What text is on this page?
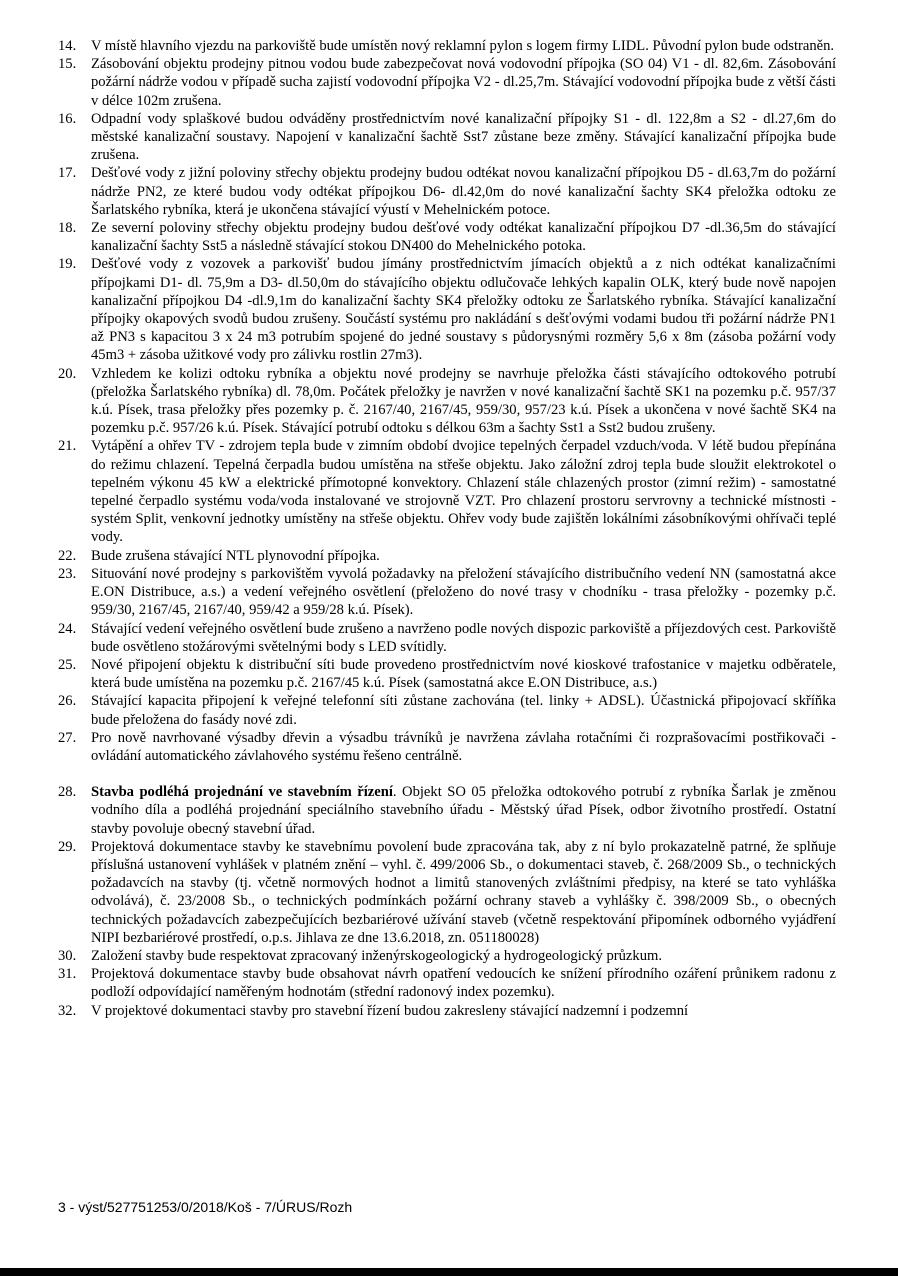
14. V místě hlavního vjezdu na parkoviště bude umístěn nový reklamní pylon s logem firmy LIDL. Původní pylon bude odstraněn.
15. Zásobování objektu prodejny pitnou vodou bude zabezpečovat nová vodovodní přípojka (SO 04) V1 - dl. 82,6m. Zásobování požární nádrže vodou v případě sucha zajistí vodovodní přípojka V2 - dl.25,7m. Stávající vodovodní přípojka bude z větší části v délce 102m zrušena.
16. Odpadní vody splaškové budou odváděny prostřednictvím nové kanalizační přípojky S1 - dl. 122,8m a S2 - dl.27,6m do městské kanalizační soustavy. Napojení v kanalizační šachtě Sst7 zůstane beze změny. Stávající kanalizační přípojka bude zrušena.
17. Dešťové vody z jižní poloviny střechy objektu prodejny budou odtékat novou kanalizační přípojkou D5 - dl.63,7m do požární nádrže PN2, ze které budou vody odtékat přípojkou D6- dl.42,0m do nové kanalizační šachty SK4 přeložka odtoku ze Šarlatského rybníka, která je ukončena stávající výustí v Mehelnickém potoce.
18. Ze severní poloviny střechy objektu prodejny budou dešťové vody odtékat kanalizační přípojkou D7 -dl.36,5m do stávající kanalizační šachty Sst5 a následně stávající stokou DN400 do Mehelnického potoka.
19. Dešťové vody z vozovek a parkovišť budou jímány prostřednictvím jímacích objektů a z nich odtékat kanalizačními přípojkami D1- dl. 75,9m a D3- dl.50,0m do stávajícího objektu odlučovače lehkých kapalin OLK, který bude nově napojen kanalizační přípojkou D4 -dl.9,1m do kanalizační šachty SK4 přeložky odtoku ze Šarlatského rybníka. Stávající kanalizační přípojky okapových svodů budou zrušeny. Součástí systému pro nakládání s dešťovými vodami budou tři požární nádrže PN1 až PN3 s kapacitou 3 x 24 m3 potrubím spojené do jedné soustavy s půdorysnými rozměry 5,6 x 8m (zásoba požární vody 45m3 + zásoba užitkové vody pro zálivku rostlin 27m3).
20. Vzhledem ke kolizi odtoku rybníka a objektu nové prodejny se navrhuje přeložka části stávajícího odtokového potrubí (přeložka Šarlatského rybníka) dl. 78,0m. Počátek přeložky je navržen v nové kanalizační šachtě SK1 na pozemku p.č. 957/37 k.ú. Písek, trasa přeložky přes pozemky p. č. 2167/40, 2167/45, 959/30, 957/23 k.ú. Písek a ukončena v nové šachtě SK4 na pozemku p.č. 957/26 k.ú. Písek. Stávající potrubí odtoku s délkou 63m a šachty Sst1 a Sst2 budou zrušeny.
21. Vytápění a ohřev TV - zdrojem tepla bude v zimním období dvojice tepelných čerpadel vzduch/voda. V létě budou přepínána do režimu chlazení. Tepelná čerpadla budou umístěna na střeše objektu. Jako záložní zdroj tepla bude sloužit elektrokotel o tepelném výkonu 45 kW a elektrické přímotopné konvektory. Chlazení stále chlazených prostor (zimní režim) - samostatné tepelné čerpadlo systému voda/voda instalované ve strojovně VZT. Pro chlazení prostoru servrovny a technické místnosti - systém Split, venkovní jednotky umístěny na střeše objektu. Ohřev vody bude zajištěn lokálními zásobníkovými ohřívači teplé vody.
22. Bude zrušena stávající NTL plynovodní přípojka.
23. Situování nové prodejny s parkovištěm vyvolá požadavky na přeložení stávajícího distribučního vedení NN (samostatná akce E.ON Distribuce, a.s.) a vedení veřejného osvětlení (přeloženo do nové trasy v chodníku - trasa přeložky - pozemky p.č. 959/30, 2167/45, 2167/40, 959/42 a 959/28 k.ú. Písek).
24. Stávající vedení veřejného osvětlení bude zrušeno a navrženo podle nových dispozic parkoviště a příjezdových cest. Parkoviště bude osvětleno stožárovými světelnými body s LED svítidly.
25. Nové připojení objektu k distribuční síti bude provedeno prostřednictvím nové kioskové trafostanice v majetku odběratele, která bude umístěna na pozemku p.č. 2167/45 k.ú. Písek (samostatná akce E.ON Distribuce, a.s.)
26. Stávající kapacita připojení k veřejné telefonní síti zůstane zachována (tel. linky + ADSL). Účastnická připojovací skříňka bude přeložena do fasády nové zdi.
27. Pro nově navrhované výsadby dřevin a výsadbu trávníků je navržena závlaha rotačními či rozprašovacími postřikovači - ovládání automatického závlahového systému řešeno centrálně.
28. Stavba podléhá projednání ve stavebním řízení. Objekt SO 05 přeložka odtokového potrubí z rybníka Šarlak je změnou vodního díla a podléhá projednání speciálního stavebního úřadu - Městský úřad Písek, odbor životního prostředí. Ostatní stavby povoluje obecný stavební úřad.
29. Projektová dokumentace stavby ke stavebnímu povolení bude zpracována tak, aby z ní bylo prokazatelně patrné, že splňuje příslušná ustanovení vyhlášek v platném znění – vyhl. č. 499/2006 Sb., o dokumentaci staveb, č. 268/2009 Sb., o technických požadavcích na stavby (tj. včetně normových hodnot a limitů stanovených zvláštními předpisy, na které se tato vyhláška odvolává), č. 23/2008 Sb., o technických podmínkách požární ochrany staveb a vyhlášky č. 398/2009 Sb., o obecných technických požadavcích zabezpečujících bezbariérové užívání staveb (včetně respektování připomínek odborného vyjádření NIPI bezbariérové prostředí, o.p.s. Jihlava ze dne 13.6.2018, zn. 051180028)
30. Založení stavby bude respektovat zpracovaný inženýrskogeologický a hydrogeologický průzkum.
31. Projektová dokumentace stavby bude obsahovat návrh opatření vedoucích ke snížení přírodního ozáření průnikem radonu z podloží odpovídající naměřeným hodnotám (střední radonový index pozemku).
32. V projektové dokumentaci stavby pro stavební řízení budou zakresleny stávající nadzemní i podzemní
3 - výst/527751253/0/2018/Koš - 7/ÚRUS/Rozh
